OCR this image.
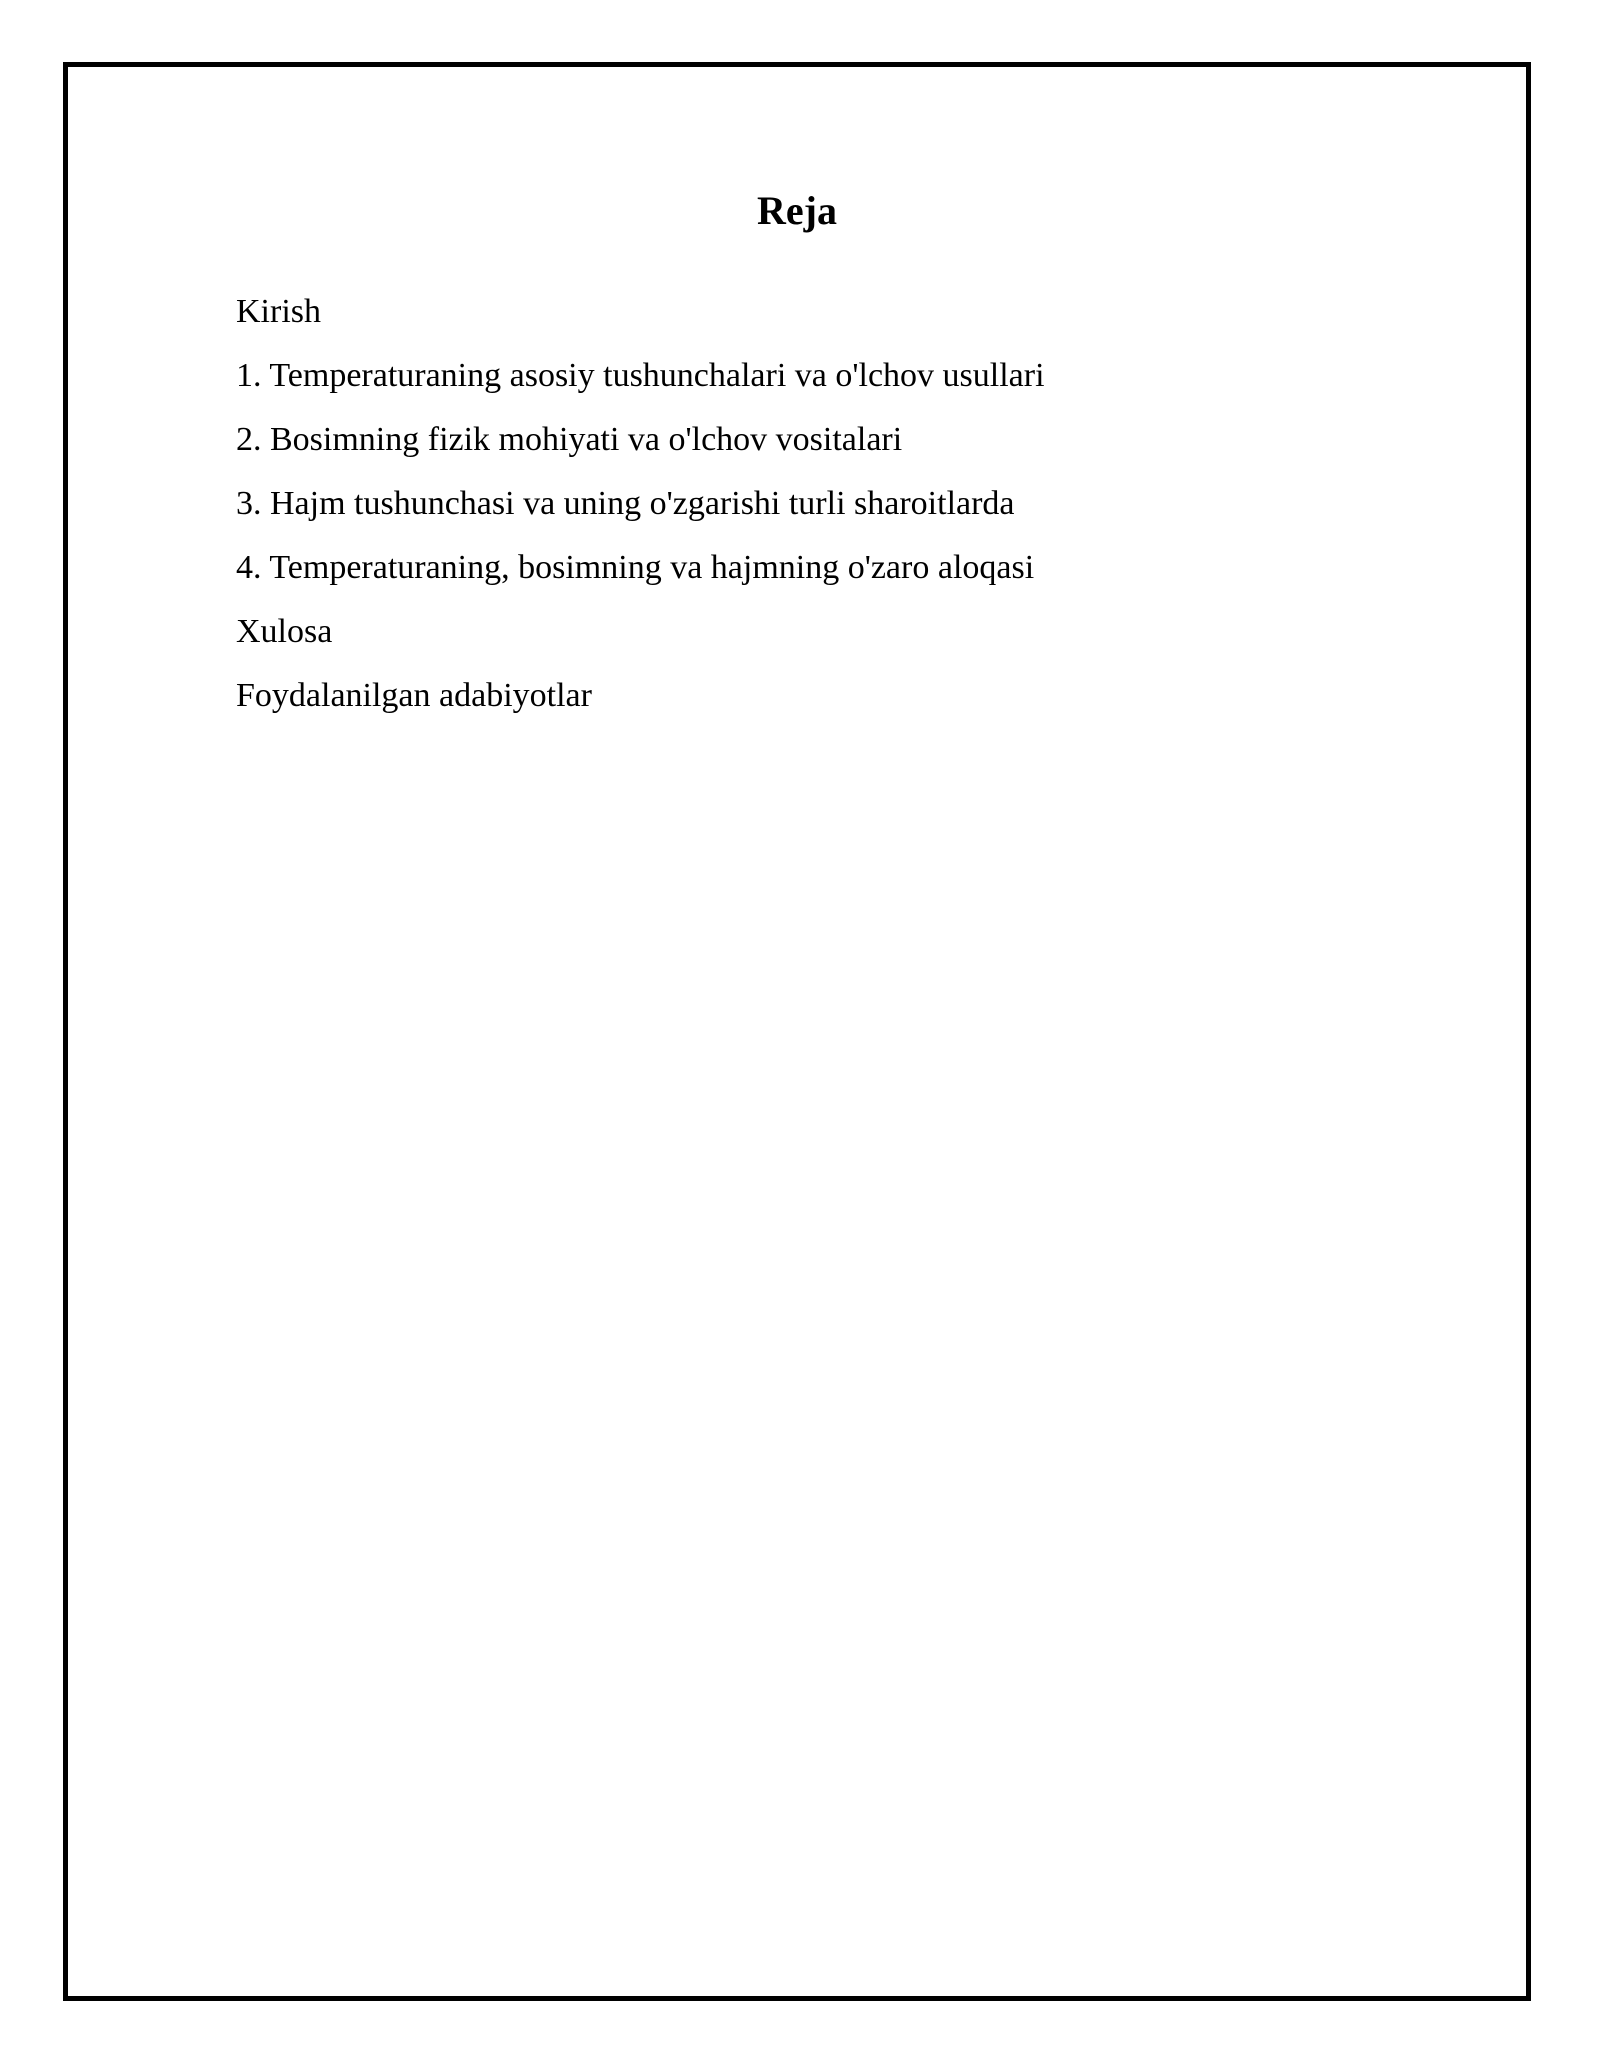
Reja
Kirish
1. Temperaturaning asosiy tushunchalari va o'lchov usullari
2. Bosimning fizik mohiyati va o'lchov vositalari
3. Hajm tushunchasi va uning o'zgarishi turli sharoitlarda
4. Temperaturaning, bosimning va hajmning o'zaro aloqasi
Xulosa
Foydalanilgan adabiyotlar
